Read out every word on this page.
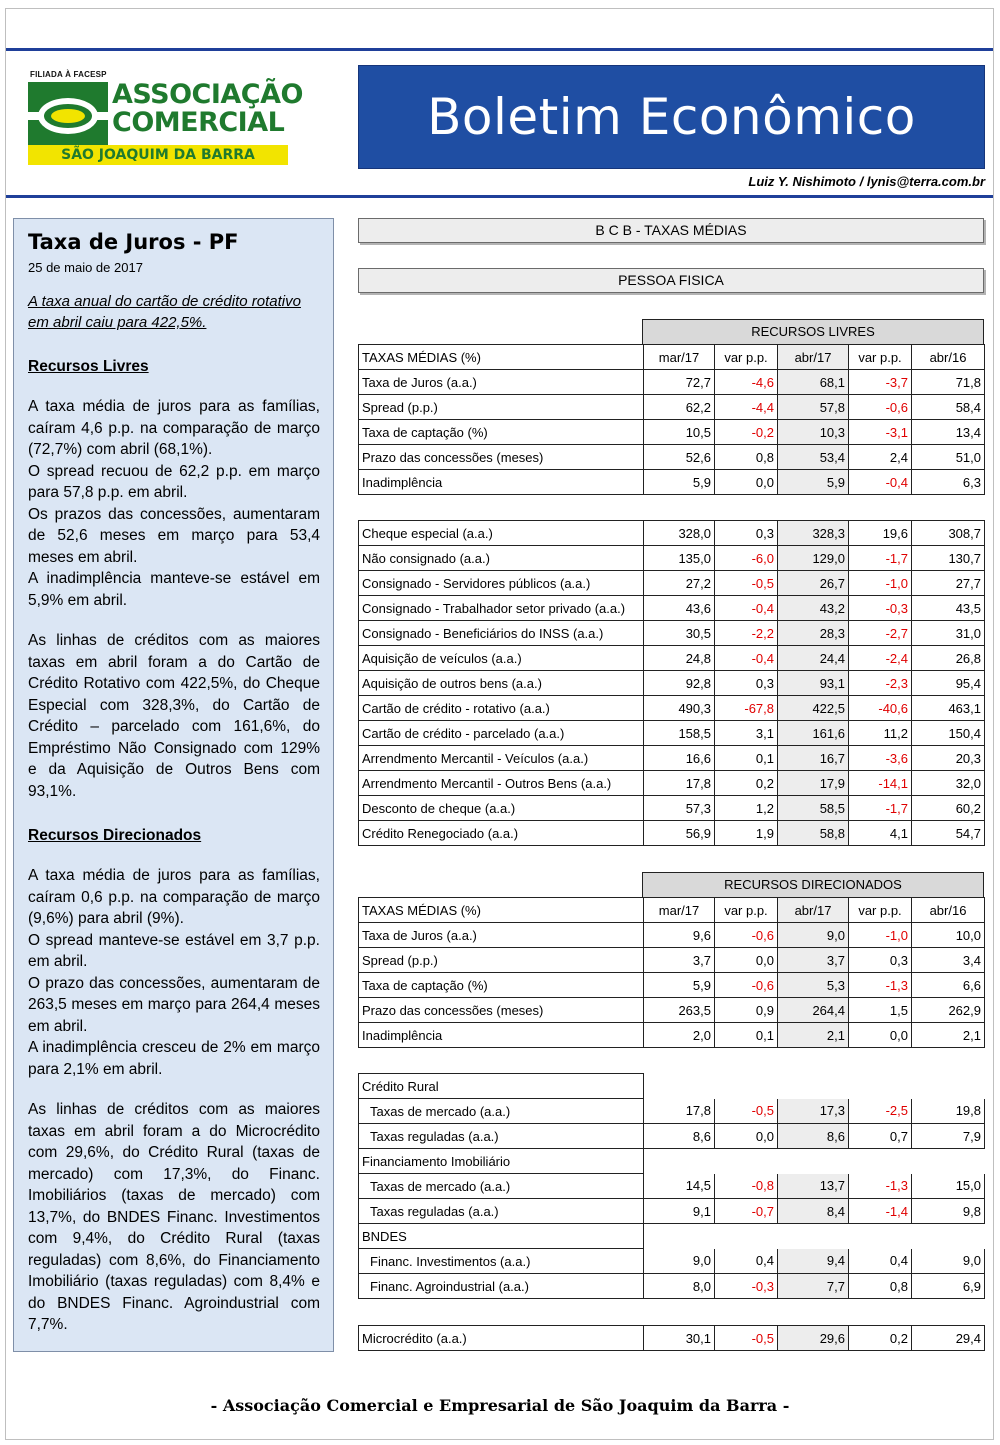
FILIADA À FACESP
ASSOCIAÇÃO
COMERCIAL
SÃO JOAQUIM DA BARRA
Boletim Econômico
Luiz Y. Nishimoto / lynis@terra.com.br
Taxa de Juros - PF
25 de maio de 2017
A taxa anual do cartão de crédito rotativo em abril caiu para 422,5%.
Recursos Livres

A taxa média de juros para as famílias, caíram 4,6 p.p. na comparação de março (72,7%) com abril (68,1%).

O spread recuou de 62,2 p.p. em março para 57,8 p.p. em abril.

Os prazos das concessões, aumentaram de 52,6 meses em março para 53,4 meses em abril.

A inadimplência manteve-se estável em 5,9% em abril.

As linhas de créditos com as maiores taxas em abril foram a do Cartão de Crédito Rotativo com 422,5%, do Cheque Especial com 328,3%, do Cartão de Crédito – parcelado com 161,6%, do Empréstimo Não Consignado com 129% e da Aquisição de Outros Bens com 93,1%.

Recursos Direcionados

A taxa média de juros para as famílias, caíram 0,6 p.p. na comparação de março (9,6%) para abril (9%).

O spread manteve-se estável em 3,7 p.p. em abril.

O prazo das concessões, aumentaram de 263,5 meses em março para 264,4 meses em abril.

A inadimplência cresceu de 2% em março para 2,1% em abril.

As linhas de créditos com as maiores taxas em abril foram a do Microcrédito com 29,6%, do Crédito Rural (taxas de mercado) com 17,3%, do Financ. Imobiliários (taxas de mercado) com 13,7%, do BNDES Financ. Investimentos com 9,4%, do Crédito Rural (taxas reguladas) com 8,6%, do Financiamento Imobiliário (taxas reguladas) com 8,4% e do BNDES Financ. Agroindustrial com 7,7%.

B C B - TAXAS MÉDIAS
PESSOA FISICA
RECURSOS LIVRES
TAXAS MÉDIAS (%)	mar/17	var p.p.	abr/17	var p.p.	abr/16
Taxa de Juros (a.a.)	72,7	-4,6	68,1	-3,7	71,8
Spread (p.p.)	62,2	-4,4	57,8	-0,6	58,4
Taxa de captação (%)	10,5	-0,2	10,3	-3,1	13,4
Prazo das concessões (meses)	52,6	0,8	53,4	2,4	51,0
Inadimplência	5,9	0,0	5,9	-0,4	6,3
Cheque especial (a.a.)	328,0	0,3	328,3	19,6	308,7
Não consignado (a.a.)	135,0	-6,0	129,0	-1,7	130,7
Consignado - Servidores públicos (a.a.)	27,2	-0,5	26,7	-1,0	27,7
Consignado - Trabalhador setor privado (a.a.)	43,6	-0,4	43,2	-0,3	43,5
Consignado - Beneficiários do INSS (a.a.)	30,5	-2,2	28,3	-2,7	31,0
Aquisição de veículos (a.a.)	24,8	-0,4	24,4	-2,4	26,8
Aquisição de outros bens (a.a.)	92,8	0,3	93,1	-2,3	95,4
Cartão de crédito - rotativo (a.a.)	490,3	-67,8	422,5	-40,6	463,1
Cartão de crédito - parcelado (a.a.)	158,5	3,1	161,6	11,2	150,4
Arrendmento Mercantil - Veículos (a.a.)	16,6	0,1	16,7	-3,6	20,3
Arrendmento Mercantil - Outros Bens (a.a.)	17,8	0,2	17,9	-14,1	32,0
Desconto de cheque (a.a.)	57,3	1,2	58,5	-1,7	60,2
Crédito Renegociado (a.a.)	56,9	1,9	58,8	4,1	54,7
RECURSOS DIRECIONADOS
TAXAS MÉDIAS (%)	mar/17	var p.p.	abr/17	var p.p.	abr/16
Taxa de Juros (a.a.)	9,6	-0,6	9,0	-1,0	10,0
Spread (p.p.)	3,7	0,0	3,7	0,3	3,4
Taxa de captação (%)	5,9	-0,6	5,3	-1,3	6,6
Prazo das concessões (meses)	263,5	0,9	264,4	1,5	262,9
Inadimplência	2,0	0,1	2,1	0,0	2,1
Crédito Rural					
Taxas de mercado (a.a.)	17,8	-0,5	17,3	-2,5	19,8
Taxas reguladas (a.a.)	8,6	0,0	8,6	0,7	7,9
Financiamento Imobiliário					
Taxas de mercado (a.a.)	14,5	-0,8	13,7	-1,3	15,0
Taxas reguladas (a.a.)	9,1	-0,7	8,4	-1,4	9,8
BNDES					
Financ. Investimentos (a.a.)	9,0	0,4	9,4	0,4	9,0
Financ. Agroindustrial (a.a.)	8,0	-0,3	7,7	0,8	6,9
Microcrédito (a.a.)	30,1	-0,5	29,6	0,2	29,4
- Associação Comercial e Empresarial de São Joaquim da Barra -
